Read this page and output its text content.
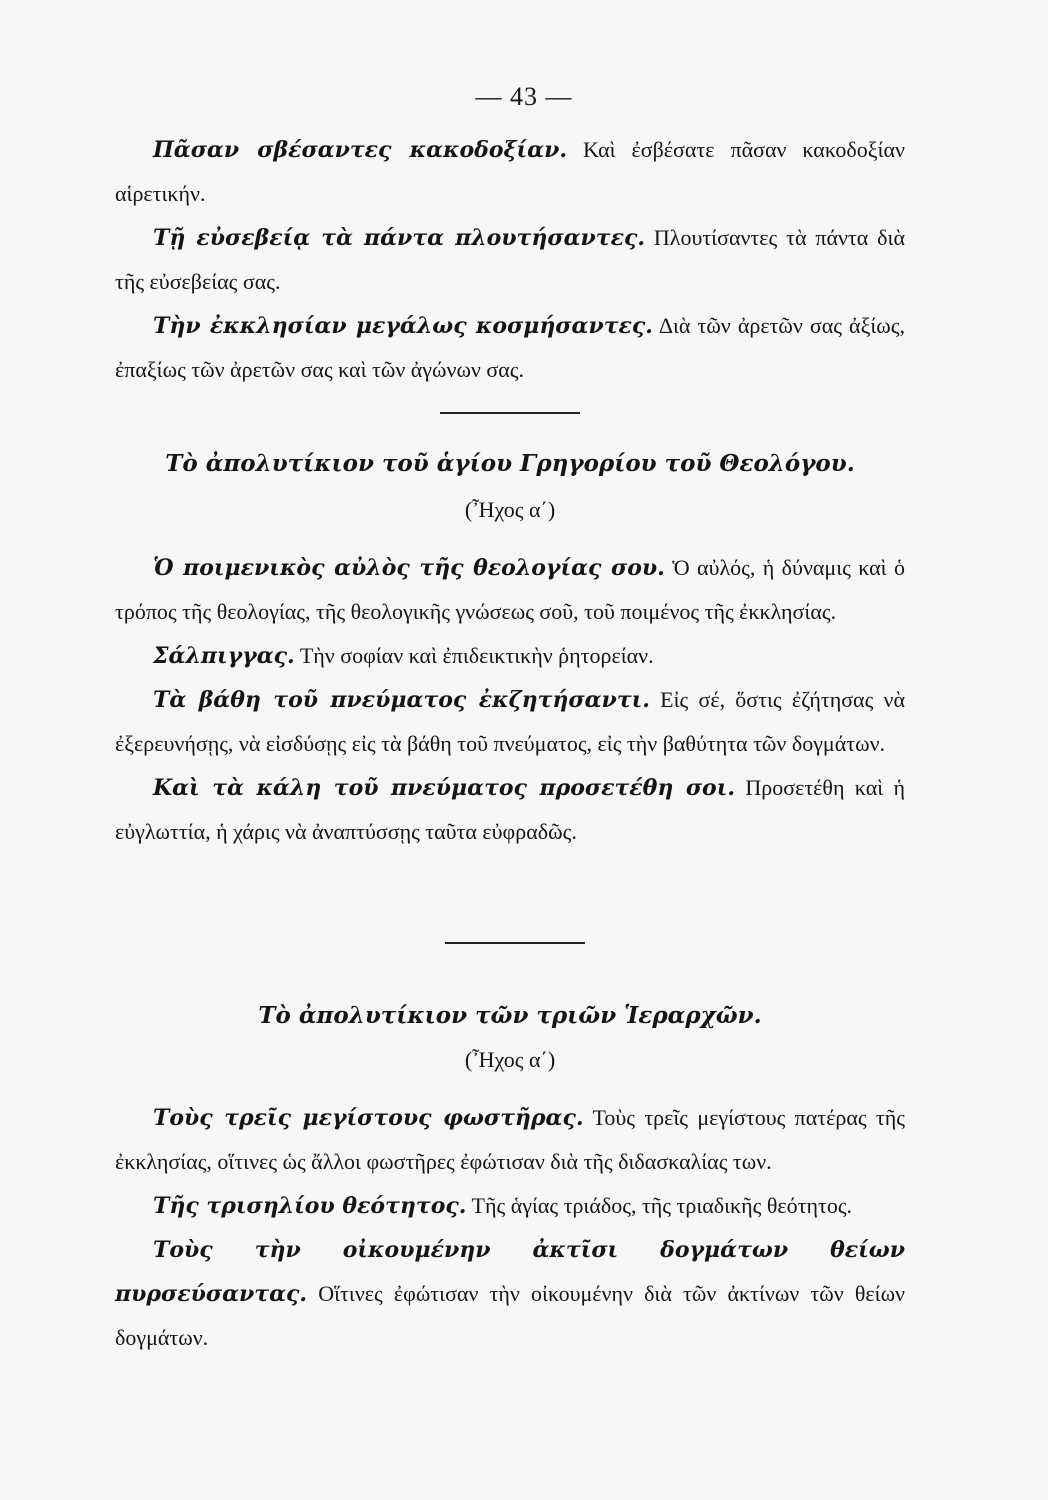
— 43 —

Πᾶσαν σβέσαντες κακοδοξίαν. Καὶ ἐσβέσατε πᾶσαν κακοδοξίαν αἱρετικήν.

Τῇ εὐσεβείᾳ τὰ πάντα πλουτήσαντες. Πλουτίσαντες τὰ πάντα διὰ τῆς εὐσεβείας σας.

Τὴν ἐκκλησίαν μεγάλως κοσμήσαντες. Διὰ τῶν ἀρετῶν σας ἀξίως, ἐπαξίως τῶν ἀρετῶν σας καὶ τῶν ἀγώνων σας.

Τὸ ἀπολυτίκιον τοῦ ἁγίου Γρηγορίου τοῦ Θεολόγου.
(Ἦχος α΄)

Ὁ ποιμενικὸς αὐλὸς τῆς θεολογίας σου. Ὁ αὐλός, ἡ δύναμις καὶ ὁ τρόπος τῆς θεολογίας, τῆς θεολογικῆς γνώσεως σοῦ, τοῦ ποιμένος τῆς ἐκκλησίας.

Σάλπιγγας. Τὴν σοφίαν καὶ ἐπιδεικτικὴν ῥητορείαν.

Τὰ βάθη τοῦ πνεύματος ἐκζητήσαντι. Εἰς σέ, ὅστις ἐζήτησας νὰ ἐξερευνήσῃς, νὰ εἰσδύσῃς εἰς τὰ βάθη τοῦ πνεύματος, εἰς τὴν βαθύτητα τῶν δογμάτων.

Καὶ τὰ κάλη τοῦ πνεύματος προσετέθη σοι. Προσετέθη καὶ ἡ εὐγλωττία, ἡ χάρις νὰ ἀναπτύσσῃς ταῦτα εὐφραδῶς.

Τὸ ἀπολυτίκιον τῶν τριῶν Ἱεραρχῶν.
(Ἦχος α΄)

Τοὺς τρεῖς μεγίστους φωστῆρας. Τοὺς τρεῖς μεγίστους πατέρας τῆς ἐκκλησίας, οἵτινες ὡς ἄλλοι φωστῆρες ἐφώτισαν διὰ τῆς διδασκαλίας των.

Τῆς τρισηλίου θεότητος. Τῆς ἁγίας τριάδος, τῆς τριαδικῆς θεότητος.

Τοὺς τὴν οἰκουμένην ἀκτῖσι δογμάτων θείων πυρσεύσαντας. Οἵτινες ἐφώτισαν τὴν οἰκουμένην διὰ τῶν ἀκτίνων τῶν θείων δογμάτων.
